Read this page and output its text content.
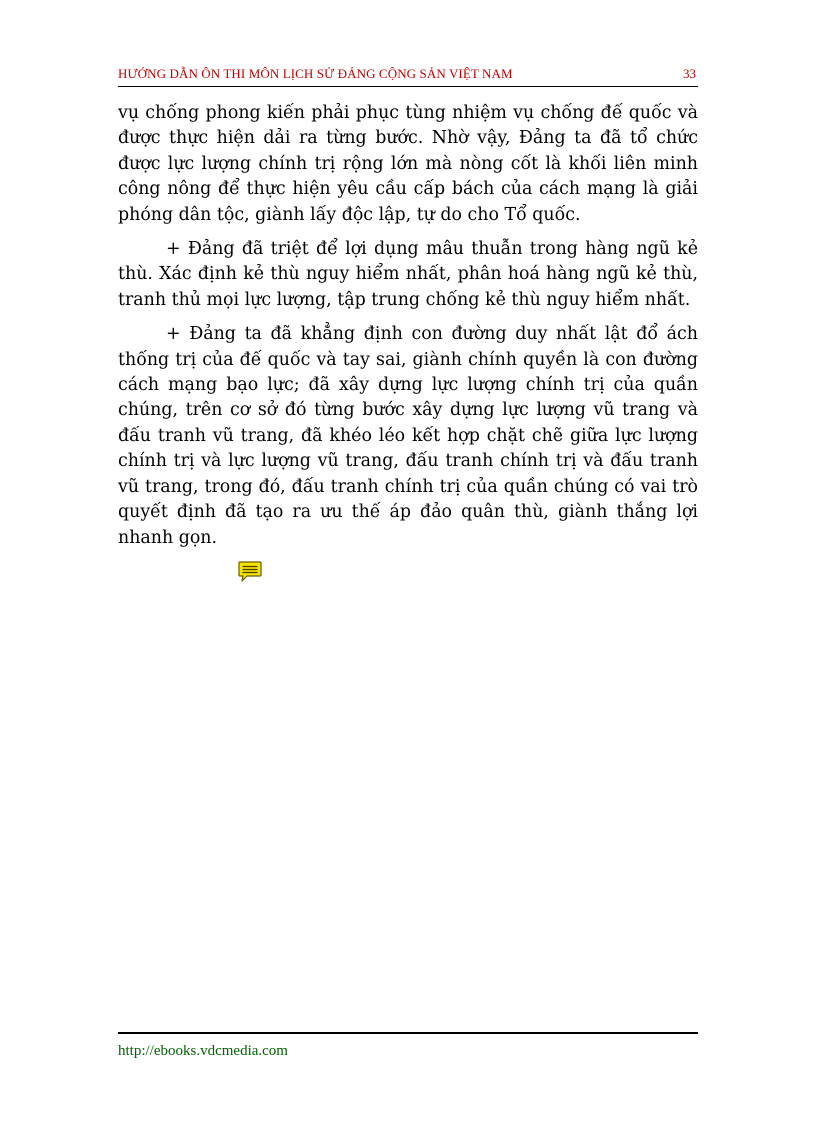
HƯỚNG DẪN ÔN THI MÔN LỊCH SỬ ĐẢNG CỘNG SẢN VIỆT NAM	33

vụ chống phong kiến phải phục tùng nhiệm vụ chống đế quốc và được thực hiện dải ra từng bước. Nhờ vậy, Đảng ta đã tổ chức được lực lượng chính trị rộng lớn mà nòng cốt là khối liên minh công nông để thực hiện yêu cầu cấp bách của cách mạng là giải phóng dân tộc, giành lấy độc lập, tự do cho Tổ quốc.

+ Đảng đã triệt để lợi dụng mâu thuẫn trong hàng ngũ kẻ thù. Xác định kẻ thù nguy hiểm nhất, phân hoá hàng ngũ kẻ thù, tranh thủ mọi lực lượng, tập trung chống kẻ thù nguy hiểm nhất.

+ Đảng ta đã khẳng định con đường duy nhất lật đổ ách thống trị của đế quốc và tay sai, giành chính quyền là con đường cách mạng bạo lực; đã xây dựng lực lượng chính trị của quần chúng, trên cơ sở đó từng bước xây dựng lực lượng vũ trang và đấu tranh vũ trang, đã khéo léo kết hợp chặt chẽ giữa lực lượng chính trị và lực lượng vũ trang, đấu tranh chính trị và đấu tranh vũ trang, trong đó, đấu tranh chính trị của quần chúng có vai trò quyết định đã tạo ra ưu thế áp đảo quân thù, giành thắng lợi nhanh gọn.

http://ebooks.vdcmedia.com
